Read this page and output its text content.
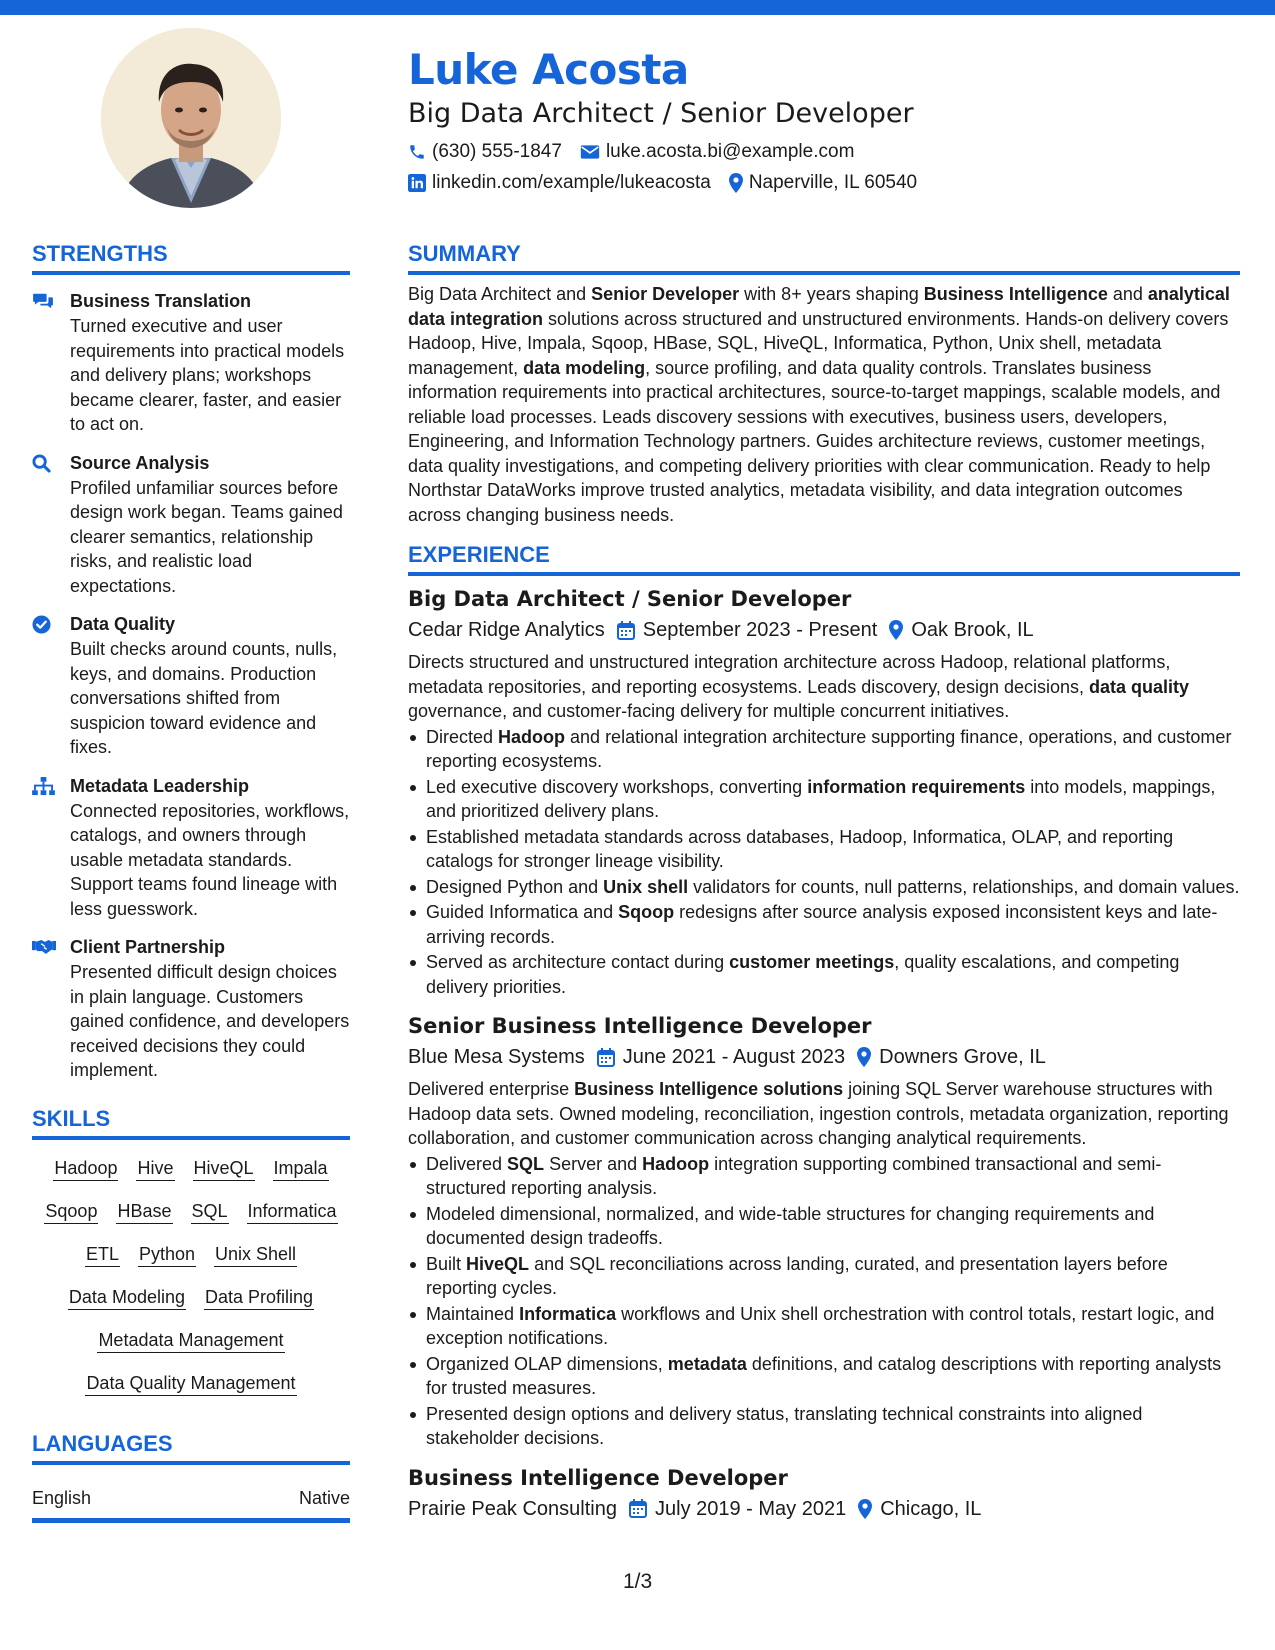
Luke Acosta
Big Data Architect / Senior Developer
(630) 555-1847 luke.acosta.bi@example.com
linkedin.com/example/lukeacosta Naperville, IL 60540
STRENGTHS
Business Translation
Turned executive and user requirements into practical models and delivery plans; workshops became clearer, faster, and easier to act on.
Source Analysis
Profiled unfamiliar sources before design work began. Teams gained clearer semantics, relationship risks, and realistic load expectations.
Data Quality
Built checks around counts, nulls, keys, and domains. Production conversations shifted from suspicion toward evidence and fixes.
Metadata Leadership
Connected repositories, workflows, catalogs, and owners through usable metadata standards. Support teams found lineage with less guesswork.
Client Partnership
Presented difficult design choices in plain language. Customers gained confidence, and developers received decisions they could implement.
SKILLS
Hadoop Hive HiveQL Impala
Sqoop HBase SQL Informatica
ETL Python Unix Shell
Data Modeling Data Profiling
Metadata Management
Data Quality Management
LANGUAGES
English	Native
SUMMARY
Big Data Architect and Senior Developer with 8+ years shaping Business Intelligence and analytical data integration solutions across structured and unstructured environments. Hands-on delivery covers Hadoop, Hive, Impala, Sqoop, HBase, SQL, HiveQL, Informatica, Python, Unix shell, metadata management, data modeling, source profiling, and data quality controls. Translates business information requirements into practical architectures, source-to-target mappings, scalable models, and reliable load processes. Leads discovery sessions with executives, business users, developers, Engineering, and Information Technology partners. Guides architecture reviews, customer meetings, data quality investigations, and competing delivery priorities with clear communication. Ready to help Northstar DataWorks improve trusted analytics, metadata visibility, and data integration outcomes across changing business needs.
EXPERIENCE
Big Data Architect / Senior Developer
Cedar Ridge Analytics September 2023 - Present Oak Brook, IL
Directs structured and unstructured integration architecture across Hadoop, relational platforms, metadata repositories, and reporting ecosystems. Leads discovery, design decisions, data quality governance, and customer-facing delivery for multiple concurrent initiatives.
Directed Hadoop and relational integration architecture supporting finance, operations, and customer reporting ecosystems.
Led executive discovery workshops, converting information requirements into models, mappings, and prioritized delivery plans.
Established metadata standards across databases, Hadoop, Informatica, OLAP, and reporting catalogs for stronger lineage visibility.
Designed Python and Unix shell validators for counts, null patterns, relationships, and domain values.
Guided Informatica and Sqoop redesigns after source analysis exposed inconsistent keys and late-arriving records.
Served as architecture contact during customer meetings, quality escalations, and competing delivery priorities.
Senior Business Intelligence Developer
Blue Mesa Systems June 2021 - August 2023 Downers Grove, IL
Delivered enterprise Business Intelligence solutions joining SQL Server warehouse structures with Hadoop data sets. Owned modeling, reconciliation, ingestion controls, metadata organization, reporting collaboration, and customer communication across changing analytical requirements.
Delivered SQL Server and Hadoop integration supporting combined transactional and semi-structured reporting analysis.
Modeled dimensional, normalized, and wide-table structures for changing requirements and documented design tradeoffs.
Built HiveQL and SQL reconciliations across landing, curated, and presentation layers before reporting cycles.
Maintained Informatica workflows and Unix shell orchestration with control totals, restart logic, and exception notifications.
Organized OLAP dimensions, metadata definitions, and catalog descriptions with reporting analysts for trusted measures.
Presented design options and delivery status, translating technical constraints into aligned stakeholder decisions.
Business Intelligence Developer
Prairie Peak Consulting July 2019 - May 2021 Chicago, IL
1/3
